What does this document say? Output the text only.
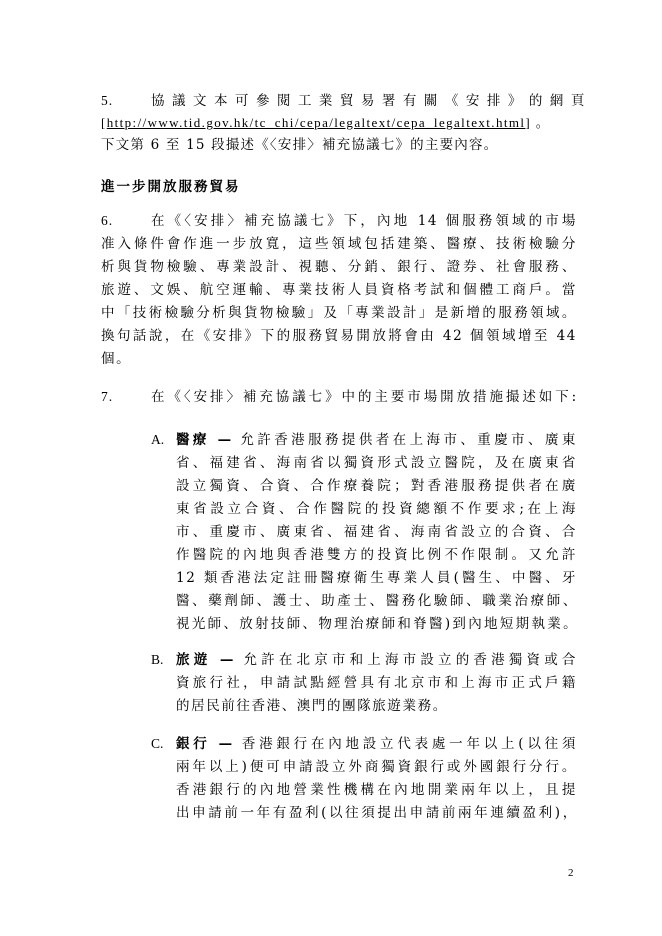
5.	協 議 文 本 可 參 閱 工 業 貿 易 署 有 關 《 安 排 》 的 網 頁
[http://www.tid.gov.hk/tc_chi/cepa/legaltext/cepa_legaltext.html] 。
下文第 6 至 15 段撮述《〈安排〉補充協議七》的主要內容。
進一步開放服務貿易
6.	在《〈安排〉補充協議七》下，內地 14 個服務領域的市場
准入條件會作進一步放寬，這些領域包括建築、醫療、技術檢驗分
析與貨物檢驗、專業設計、視聽、分銷、銀行、證券、社會服務、
旅遊、文娛、航空運輸、專業技術人員資格考試和個體工商戶。當
中「技術檢驗分析與貨物檢驗」及「專業設計」是新增的服務領域。
換句話說，在《安排》下的服務貿易開放將會由 42 個領域增至 44
個。
7.	在《〈安排〉補充協議七》中的主要市場開放措施撮述如下:
A. 醫療 — 允許香港服務提供者在上海市、重慶市、廣東
省、福建省、海南省以獨資形式設立醫院，及在廣東省
設立獨資、合資、合作療養院；對香港服務提供者在廣
東省設立合資、合作醫院的投資總額不作要求;在上海
市、重慶市、廣東省、福建省、海南省設立的合資、合
作醫院的內地與香港雙方的投資比例不作限制。又允許
12 類香港法定註冊醫療衛生專業人員(醫生、中醫、牙
醫、藥劑師、護士、助產士、醫務化驗師、職業治療師、
視光師、放射技師、物理治療師和脊醫)到內地短期執業。
B. 旅遊 — 允許在北京市和上海市設立的香港獨資或合
資旅行社，申請試點經營具有北京市和上海市正式戶籍
的居民前往香港、澳門的團隊旅遊業務。
C. 銀行 — 香港銀行在內地設立代表處一年以上(以往須
兩年以上)便可申請設立外商獨資銀行或外國銀行分行。
香港銀行的內地營業性機構在內地開業兩年以上，且提
出申請前一年有盈利(以往須提出申請前兩年連續盈利)，
2
